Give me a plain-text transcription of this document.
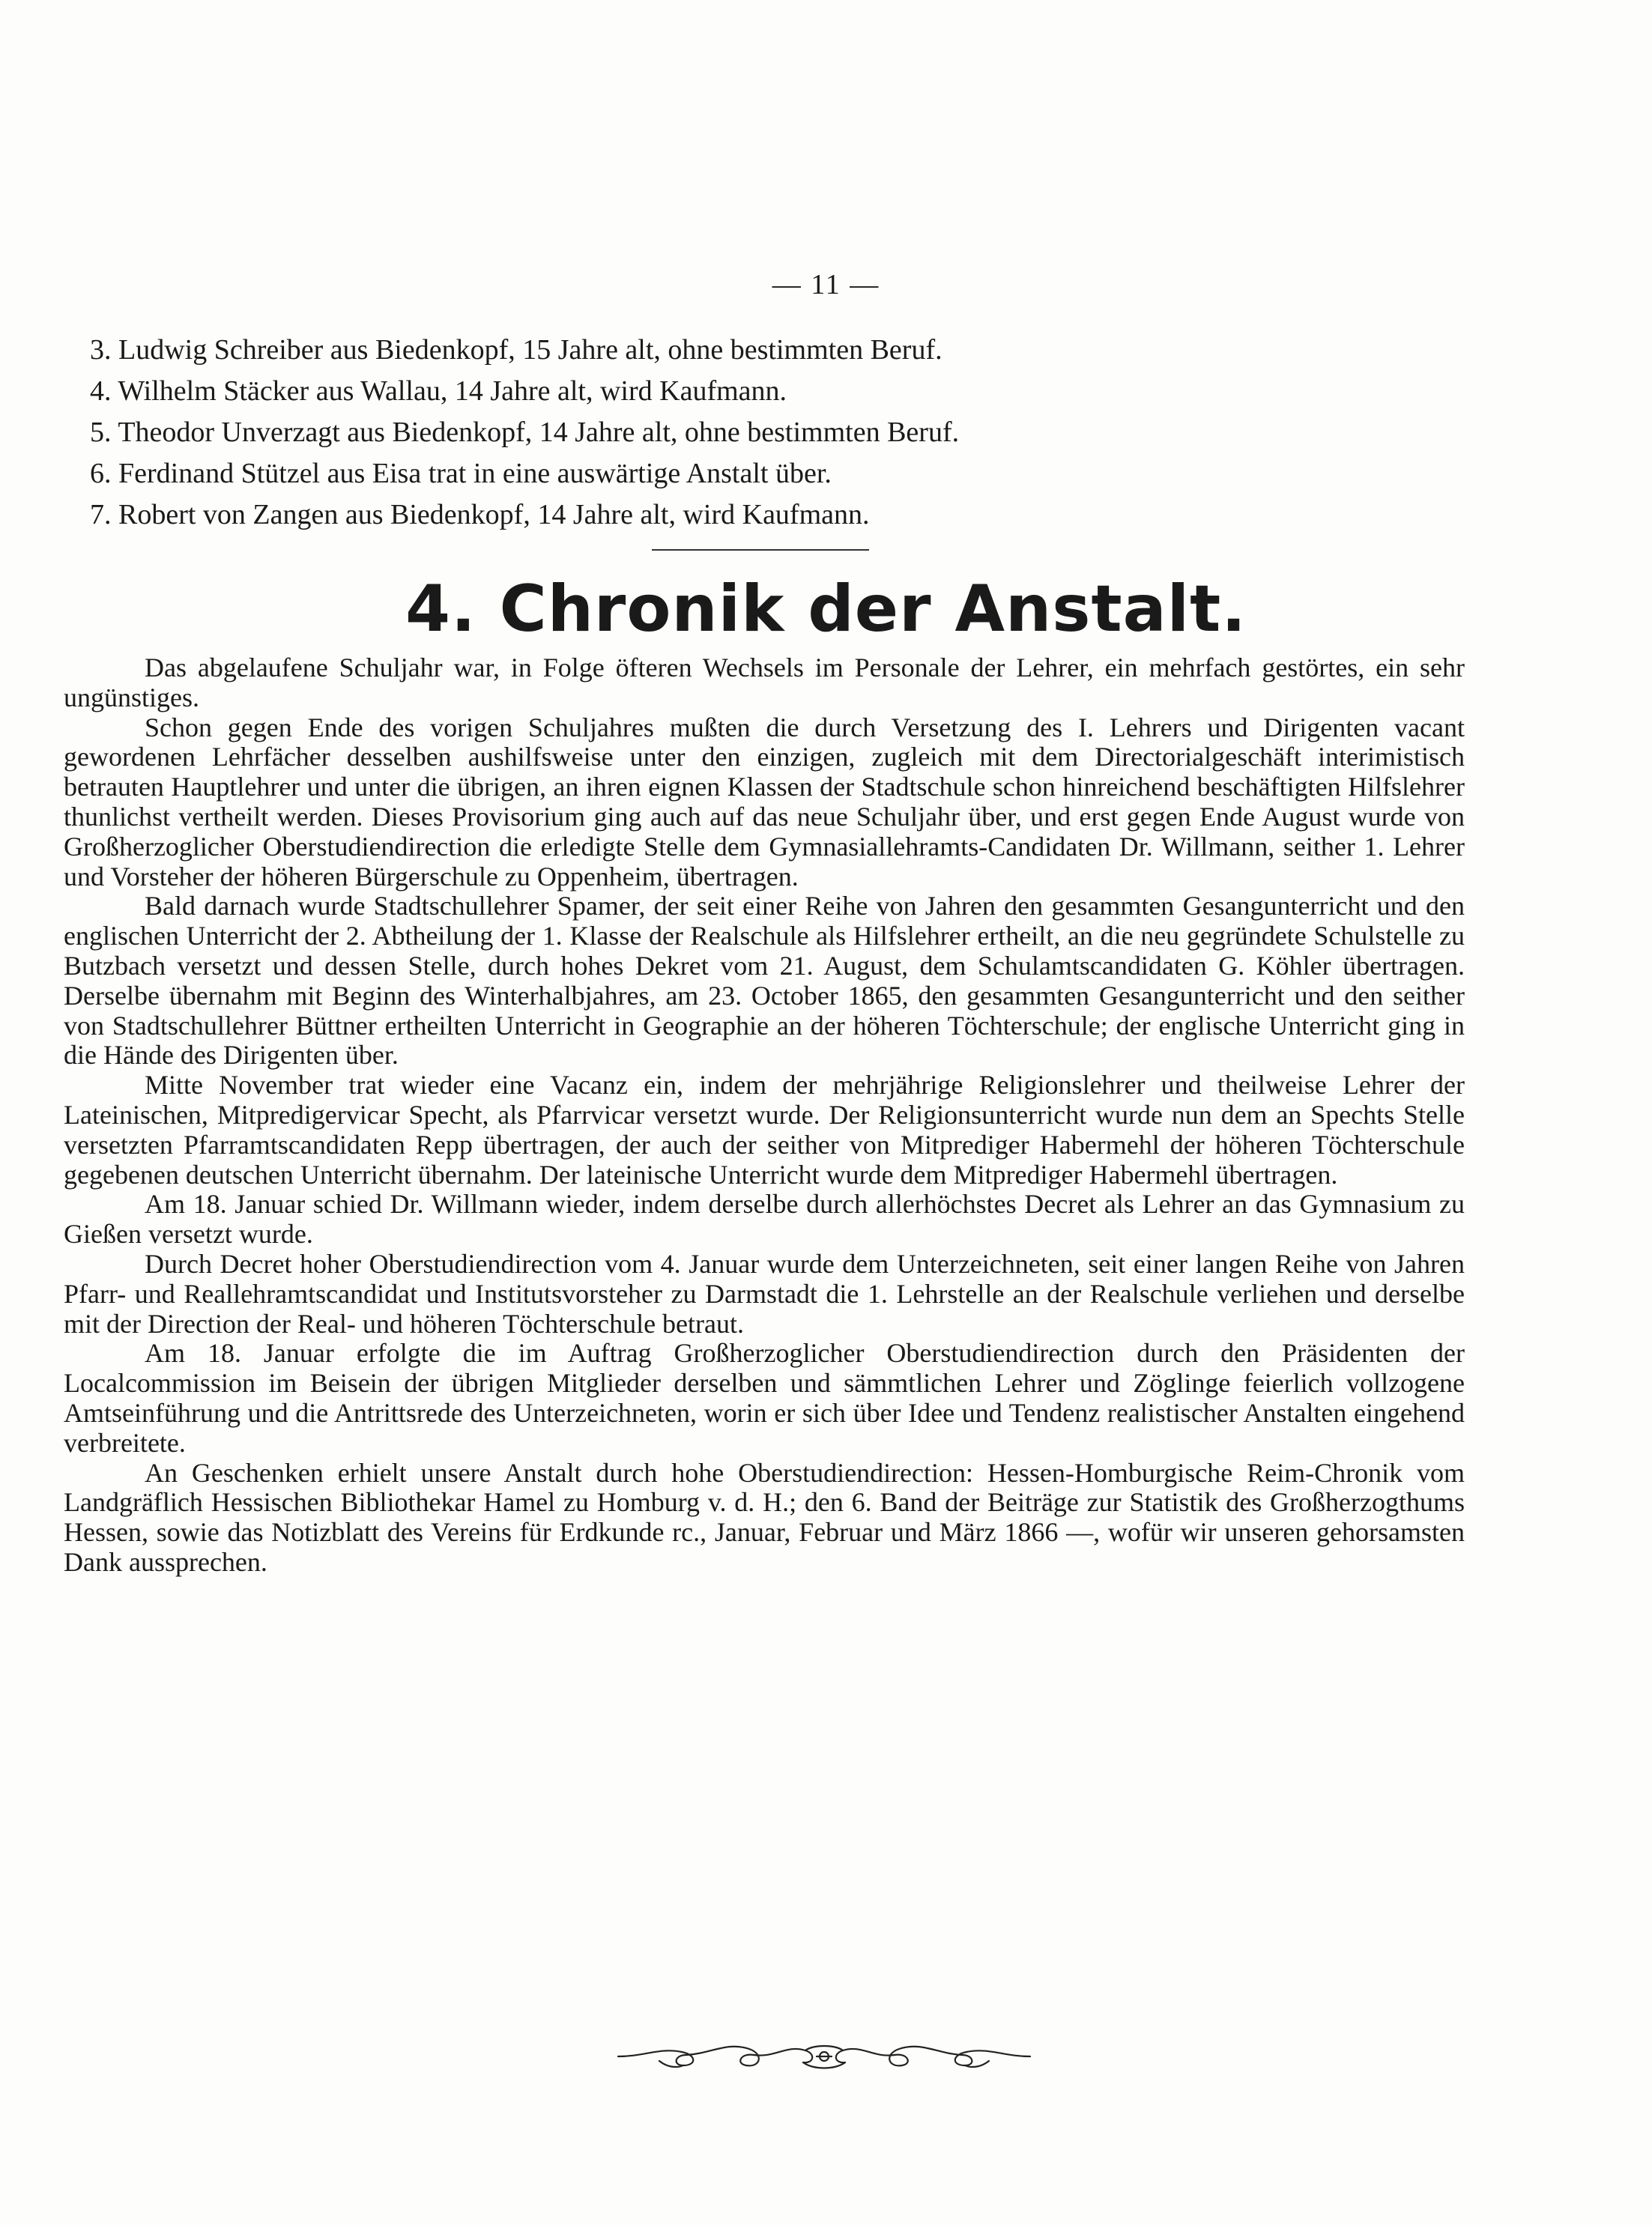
— 11 —
3. Ludwig Schreiber aus Biedenkopf, 15 Jahre alt, ohne bestimmten Beruf.
4. Wilhelm Stäcker aus Wallau, 14 Jahre alt, wird Kaufmann.
5. Theodor Unverzagt aus Biedenkopf, 14 Jahre alt, ohne bestimmten Beruf.
6. Ferdinand Stützel aus Eisa trat in eine auswärtige Anstalt über.
7. Robert von Zangen aus Biedenkopf, 14 Jahre alt, wird Kaufmann.
4. Chronik der Anstalt.

Das abgelaufene Schuljahr war, in Folge öfteren Wechsels im Personale der Lehrer, ein mehrfach gestörtes, ein sehr ungünstiges.

Schon gegen Ende des vorigen Schuljahres mußten die durch Versetzung des I. Lehrers und Dirigenten vacant gewordenen Lehrfächer desselben aushilfsweise unter den einzigen, zugleich mit dem Directorialgeschäft interimistisch betrauten Hauptlehrer und unter die übrigen, an ihren eignen Klassen der Stadtschule schon hinreichend beschäftigten Hilfslehrer thunlichst vertheilt werden. Dieses Provisorium ging auch auf das neue Schuljahr über, und erst gegen Ende August wurde von Großherzoglicher Oberstudiendirection die erledigte Stelle dem Gymnasiallehramts-Candidaten Dr. Willmann, seither 1. Lehrer und Vorsteher der höheren Bürgerschule zu Oppenheim, übertragen.

Bald darnach wurde Stadtschullehrer Spamer, der seit einer Reihe von Jahren den gesammten Gesangunterricht und den englischen Unterricht der 2. Abtheilung der 1. Klasse der Realschule als Hilfslehrer ertheilt, an die neu gegründete Schulstelle zu Butzbach versetzt und dessen Stelle, durch hohes Dekret vom 21. August, dem Schulamtscandidaten G. Köhler übertragen. Derselbe übernahm mit Beginn des Winterhalbjahres, am 23. October 1865, den gesammten Gesangunterricht und den seither von Stadtschullehrer Büttner ertheilten Unterricht in Geographie an der höheren Töchterschule; der englische Unterricht ging in die Hände des Dirigenten über.

Mitte November trat wieder eine Vacanz ein, indem der mehrjährige Religionslehrer und theilweise Lehrer der Lateinischen, Mitpredigervicar Specht, als Pfarrvicar versetzt wurde. Der Religionsunterricht wurde nun dem an Spechts Stelle versetzten Pfarramtscandidaten Repp übertragen, der auch der seither von Mitprediger Habermehl der höheren Töchterschule gegebenen deutschen Unterricht übernahm. Der lateinische Unterricht wurde dem Mitprediger Habermehl übertragen.

Am 18. Januar schied Dr. Willmann wieder, indem derselbe durch allerhöchstes Decret als Lehrer an das Gymnasium zu Gießen versetzt wurde.

Durch Decret hoher Oberstudiendirection vom 4. Januar wurde dem Unterzeichneten, seit einer langen Reihe von Jahren Pfarr- und Reallehramtscandidat und Institutsvorsteher zu Darmstadt die 1. Lehrstelle an der Realschule verliehen und derselbe mit der Direction der Real- und höheren Töchterschule betraut.

Am 18. Januar erfolgte die im Auftrag Großherzoglicher Oberstudiendirection durch den Präsidenten der Localcommission im Beisein der übrigen Mitglieder derselben und sämmtlichen Lehrer und Zöglinge feierlich vollzogene Amtseinführung und die Antrittsrede des Unterzeichneten, worin er sich über Idee und Tendenz realistischer Anstalten eingehend verbreitete.

An Geschenken erhielt unsere Anstalt durch hohe Oberstudiendirection: Hessen-Homburgische Reim-Chronik vom Landgräflich Hessischen Bibliothekar Hamel zu Homburg v. d. H.; den 6. Band der Beiträge zur Statistik des Großherzogthums Hessen, sowie das Notizblatt des Vereins für Erdkunde rc., Januar, Februar und März 1866 —, wofür wir unseren gehorsamsten Dank aussprechen.
